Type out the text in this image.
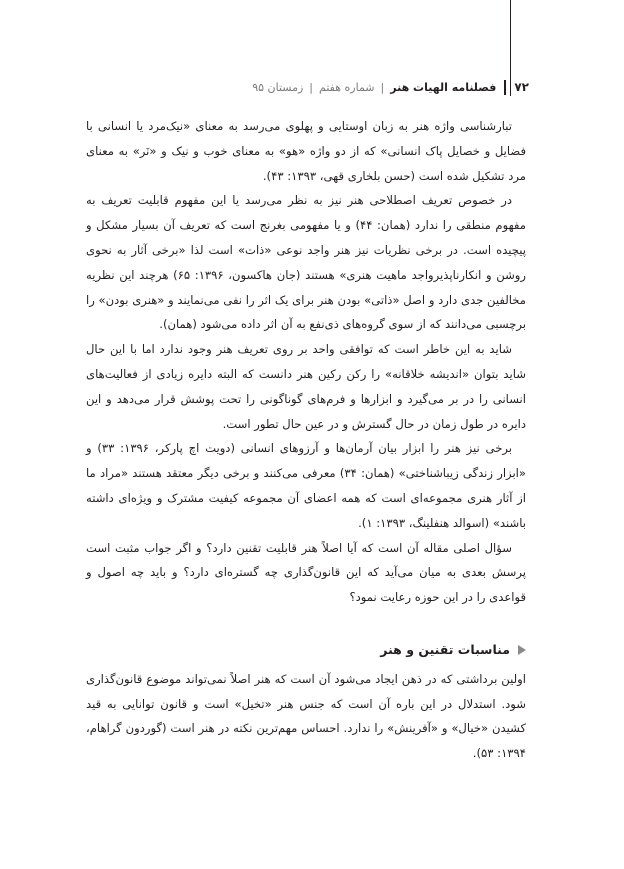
۷۲
فصلنامه الهیات هنر
|
شماره هفتم
|
زمستان ۹۵

تبارشناسی واژه هنر به زبان اوستایی و پهلوی می‌رسد به معنای «نیک‌مرد یا انسانی با فضایل و خصایل پاک انسانی» که از دو واژه «هو» به معنای خوب و نیک و «نَر» به معنای مرد تشکیل شده است (حسن بلخاری قهی، ۱۳۹۳: ۴۳).

در خصوص تعریف اصطلاحی هنر نیز به نظر می‌رسد یا این مفهوم قابلیت تعریف به مفهوم منطقی را ندارد (همان: ۴۴) و یا مفهومی بغرنج است که تعریف آن بسیار مشکل و پیچیده است. در برخی نظریات نیز هنر واجد نوعی «ذات» است لذا «برخی آثار به نحوی روشن و انکارناپذیرواجد ماهیت هنری» هستند (جان هاکسون، ۱۳۹۶: ۶۵) هرچند این نظریه مخالفین جدی دارد و اصل «ذاتی» بودن هنر برای یک اثر را نفی می‌نمایند و «هنری بودن» را برچسبی می‌دانند که از سوی گروه‌های ذی‌نفع به آن اثر داده می‌شود (همان).

شاید به این خاطر است که توافقی واحد بر روی تعریف هنر وجود ندارد اما با این حال شاید بتوان «اندیشه خلاقانه» را رکن رکین هنر دانست که البته دایره زیادی از فعالیت‌های انسانی را در بر می‌گیرد و ابزارها و فرم‌های گوناگونی را تحت پوشش قرار می‌دهد و این دایره در طول زمان در حال گسترش و در عین حال تطور است.

برخی نیز هنر را ابزار بیان آرمان‌ها و آرزوهای انسانی (دویت اچ پارکر، ۱۳۹۶: ۳۳) و «ابزار زندگی زیباشناختی» (همان: ۳۴) معرفی می‌کنند و برخی دیگر معتقد هستند «مراد ما از آثار هنری مجموعه‌ای است که همه اعضای آن مجموعه کیفیت مشترک و ویژه‌ای داشته باشند» (اسوالد هنفلینگ، ۱۳۹۳: ۱).

سؤال اصلی مقاله آن است که آیا اصلاً هنر قابلیت تقنین دارد؟ و اگر جواب مثبت است پرسش بعدی به میان می‌آید که این قانون‌گذاری چه گستره‌ای دارد؟ و باید چه اصول و قواعدی را در این حوزه رعایت نمود؟

مناسبات تقنین و هنر

اولین برداشتی که در ذهن ایجاد می‌شود آن است که هنر اصلاً نمی‌تواند موضوع قانون‌گذاری شود. استدلال در این باره آن است که جنس هنر «تخیل» است و قانون توانایی به قید کشیدن «خیال» و «آفرینش» را ندارد. احساس مهم‌ترین نکته در هنر است (گوردون گراهام، ۱۳۹۴: ۵۳).
